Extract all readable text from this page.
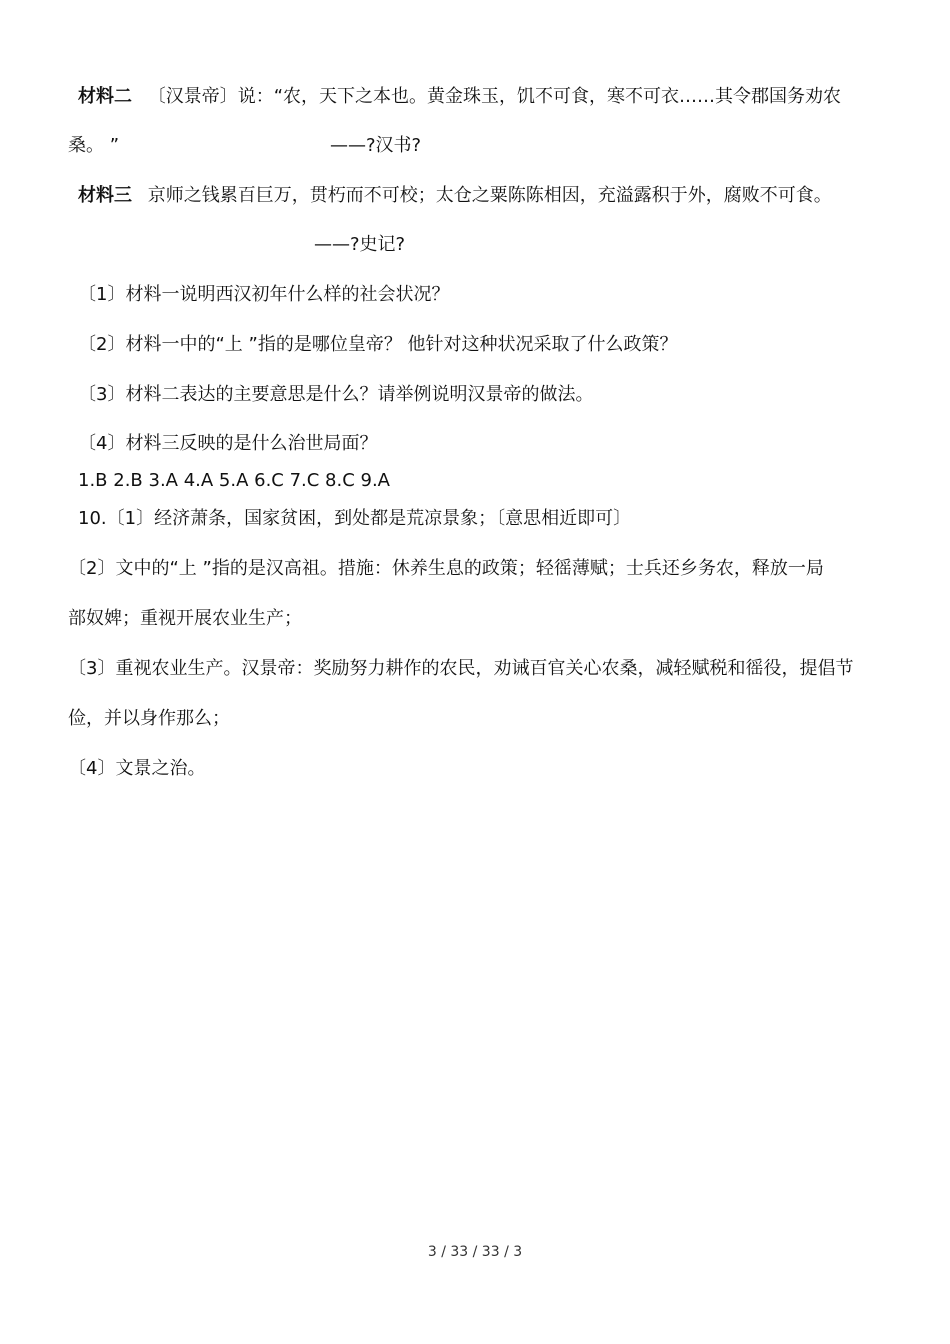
材料二 〔汉景帝〕说：“农，天下之本也。黄金珠玉，饥不可食，寒不可衣……其令郡国务劝农
桑。 ”	——?汉书?
材料三 京师之钱累百巨万，贯朽而不可校；太仓之粟陈陈相因，充溢露积于外，腐败不可食。
——?史记?
〔1〕材料一说明西汉初年什么样的社会状况？
〔2〕材料一中的“上 ”指的是哪位皇帝？ 他针对这种状况采取了什么政策？
〔3〕材料二表达的主要意思是什么？请举例说明汉景帝的做法。
〔4〕材料三反映的是什么治世局面？
1.B 2.B 3.A 4.A 5.A 6.C 7.C 8.C 9.A
10.〔1〕经济萧条，国家贫困，到处都是荒凉景象；〔意思相近即可〕
〔2〕文中的“上 ”指的是汉高祖。措施：休养生息的政策；轻徭薄赋；士兵还乡务农，释放一局
部奴婢；重视开展农业生产；
〔3〕重视农业生产。汉景帝：奖励努力耕作的农民，劝诫百官关心农桑，减轻赋税和徭役，提倡节
俭，并以身作那么；
〔4〕文景之治。
3 / 33 / 33 / 3
